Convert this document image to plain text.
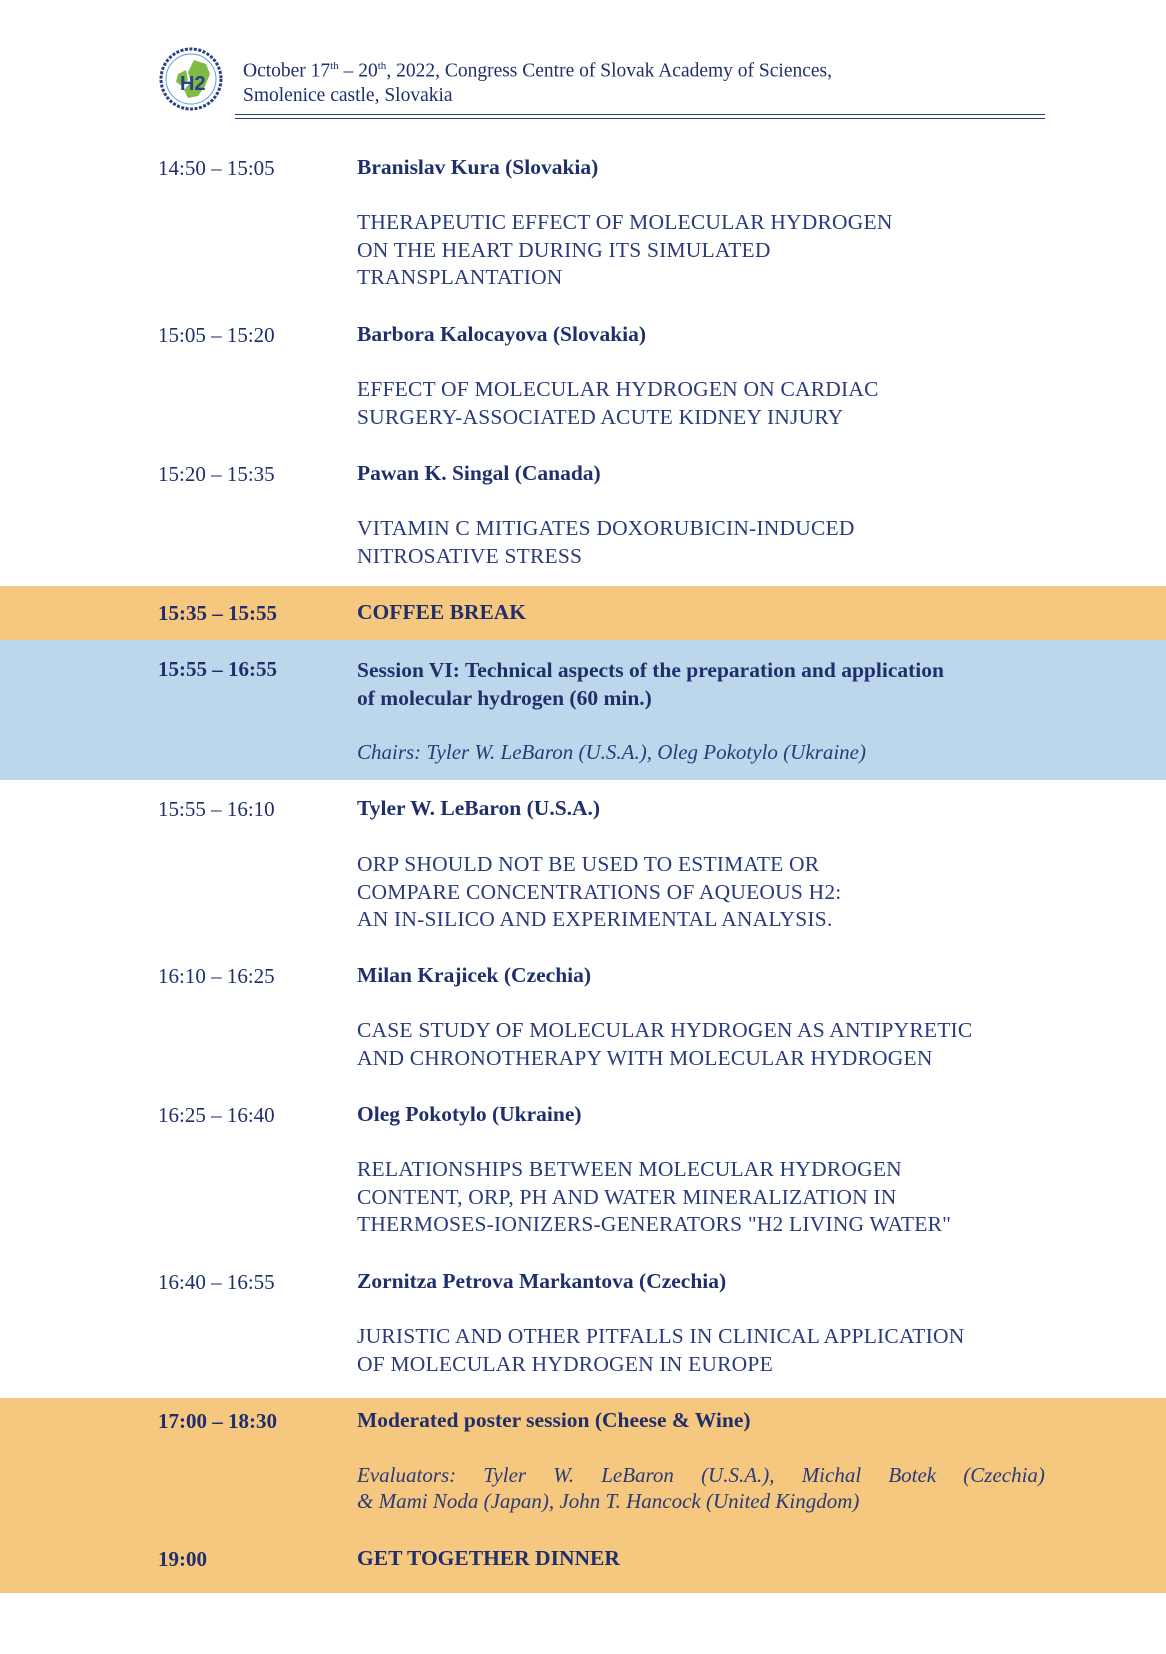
H2
October 17th – 20th, 2022, Congress Centre of Slovak Academy of Sciences,
Smolenice castle, Slovakia
14:50 – 15:05	Branislav Kura (Slovakia)
THERAPEUTIC EFFECT OF MOLECULAR HYDROGEN
ON THE HEART DURING ITS SIMULATED
TRANSPLANTATION
15:05 – 15:20	Barbora Kalocayova (Slovakia)
EFFECT OF MOLECULAR HYDROGEN ON CARDIAC
SURGERY-ASSOCIATED ACUTE KIDNEY INJURY
15:20 – 15:35	Pawan K. Singal (Canada)
VITAMIN C MITIGATES DOXORUBICIN-INDUCED
NITROSATIVE STRESS
15:35 – 15:55	COFFEE BREAK
15:55 – 16:55	Session VI: Technical aspects of the preparation and application
of molecular hydrogen (60 min.)
Chairs: Tyler W. LeBaron (U.S.A.), Oleg Pokotylo (Ukraine)
15:55 – 16:10	Tyler W. LeBaron (U.S.A.)
ORP SHOULD NOT BE USED TO ESTIMATE OR
COMPARE CONCENTRATIONS OF AQUEOUS H2:
AN IN-SILICO AND EXPERIMENTAL ANALYSIS.
16:10 – 16:25	Milan Krajicek (Czechia)
CASE STUDY OF MOLECULAR HYDROGEN AS ANTIPYRETIC
AND CHRONOTHERAPY WITH MOLECULAR HYDROGEN
16:25 – 16:40	Oleg Pokotylo (Ukraine)
RELATIONSHIPS BETWEEN MOLECULAR HYDROGEN
CONTENT, ORP, PH AND WATER MINERALIZATION IN
THERMOSES-IONIZERS-GENERATORS "H2 LIVING WATER"
16:40 – 16:55	Zornitza Petrova Markantova (Czechia)
JURISTIC AND OTHER PITFALLS IN CLINICAL APPLICATION
OF MOLECULAR HYDROGEN IN EUROPE
17:00 – 18:30	Moderated poster session (Cheese & Wine)
Evaluators: Tyler W. LeBaron (U.S.A.), Michal Botek (Czechia)
& Mami Noda (Japan), John T. Hancock (United Kingdom)
19:00	GET TOGETHER DINNER
